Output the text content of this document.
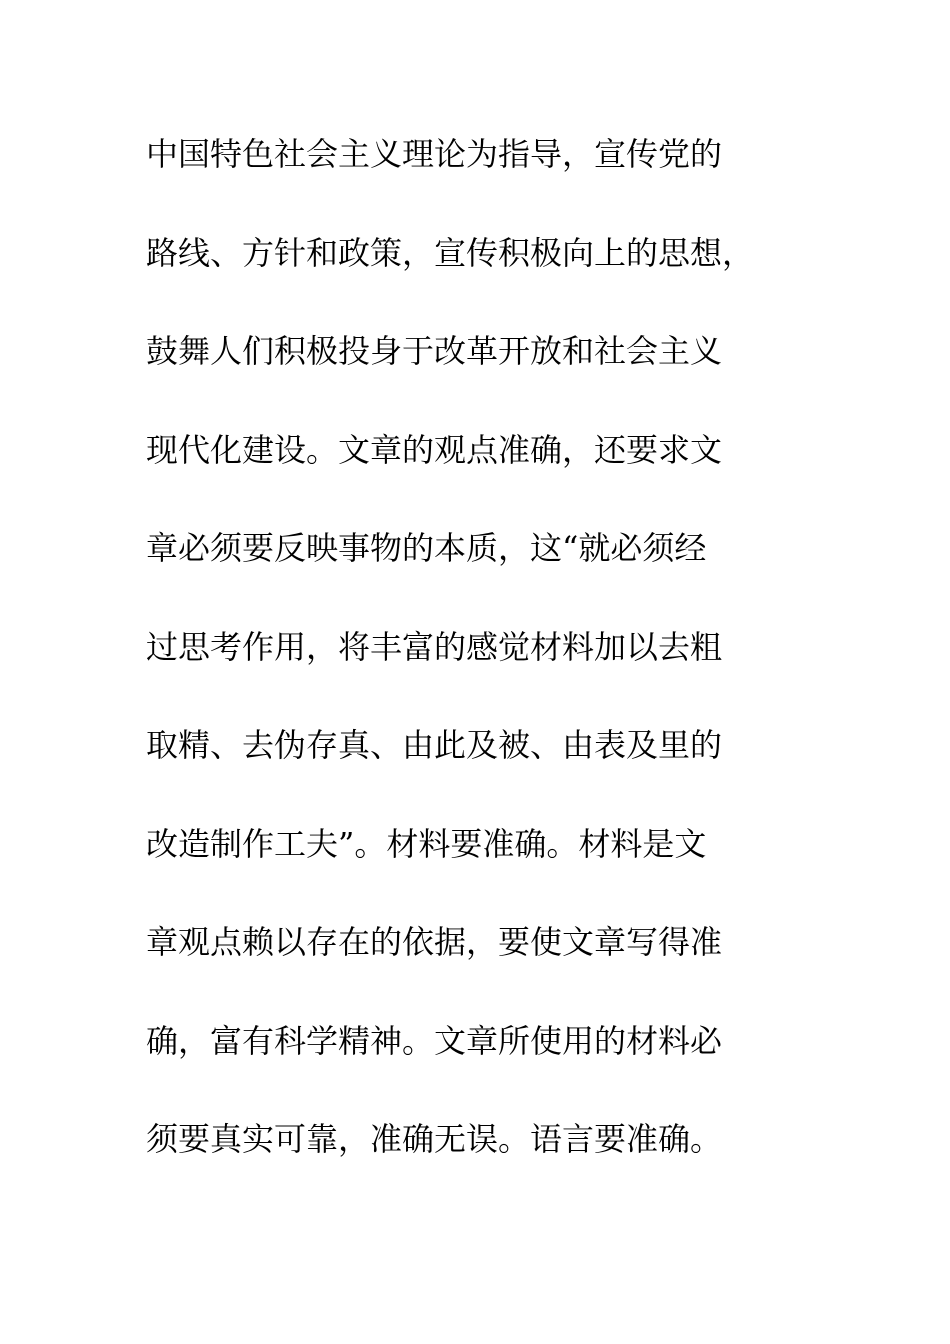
中国特色社会主义理论为指导，宣传党的
路线、方针和政策，宣传积极向上的思想，
鼓舞人们积极投身于改革开放和社会主义
现代化建设。文章的观点准确，还要求文
章必须要反映事物的本质，这“就必须经
过思考作用，将丰富的感觉材料加以去粗
取精、去伪存真、由此及被、由表及里的
改造制作工夫”。材料要准确。材料是文
章观点赖以存在的依据，要使文章写得准
确，富有科学精神。文章所使用的材料必
须要真实可靠，准确无误。语言要准确。
